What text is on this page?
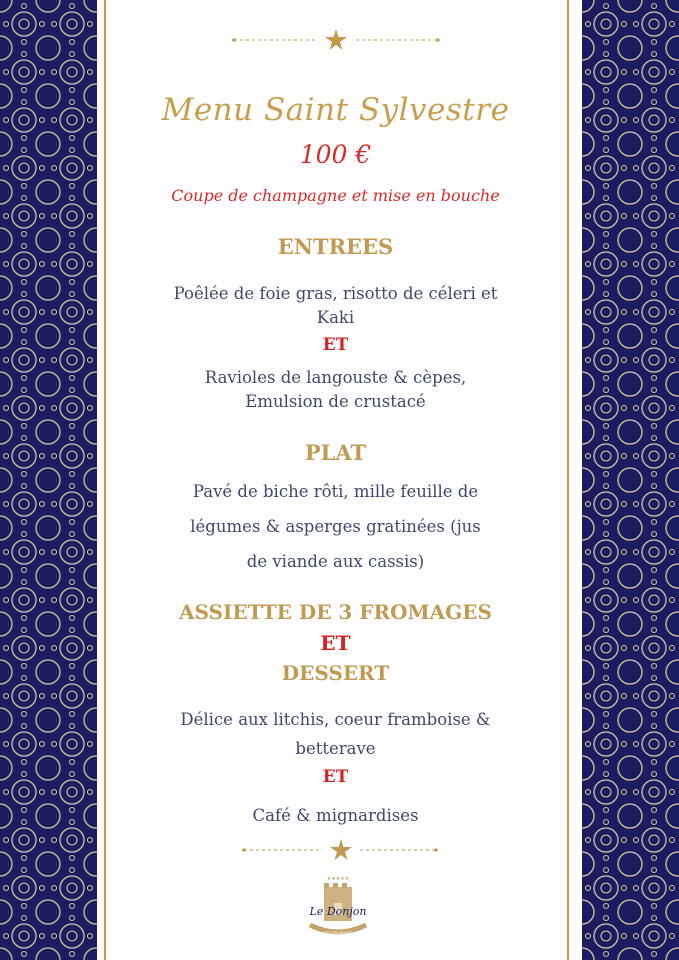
Menu Saint Sylvestre
100 €
Coupe de champagne et mise en bouche
ENTREES
Poêlée de foie gras, risotto de céleri et
Kaki
ET
Ravioles de langouste & cèpes,
Emulsion de crustacé
PLAT
Pavé de biche rôti, mille feuille de
légumes & asperges gratinées (jus
de viande aux cassis)
ASSIETTE DE 3 FROMAGES
ET
DESSERT
Délice aux litchis, coeur framboise &
betterave
ET
Café & mignardises
★★★★★
Le Donjon
RESTAURANT
